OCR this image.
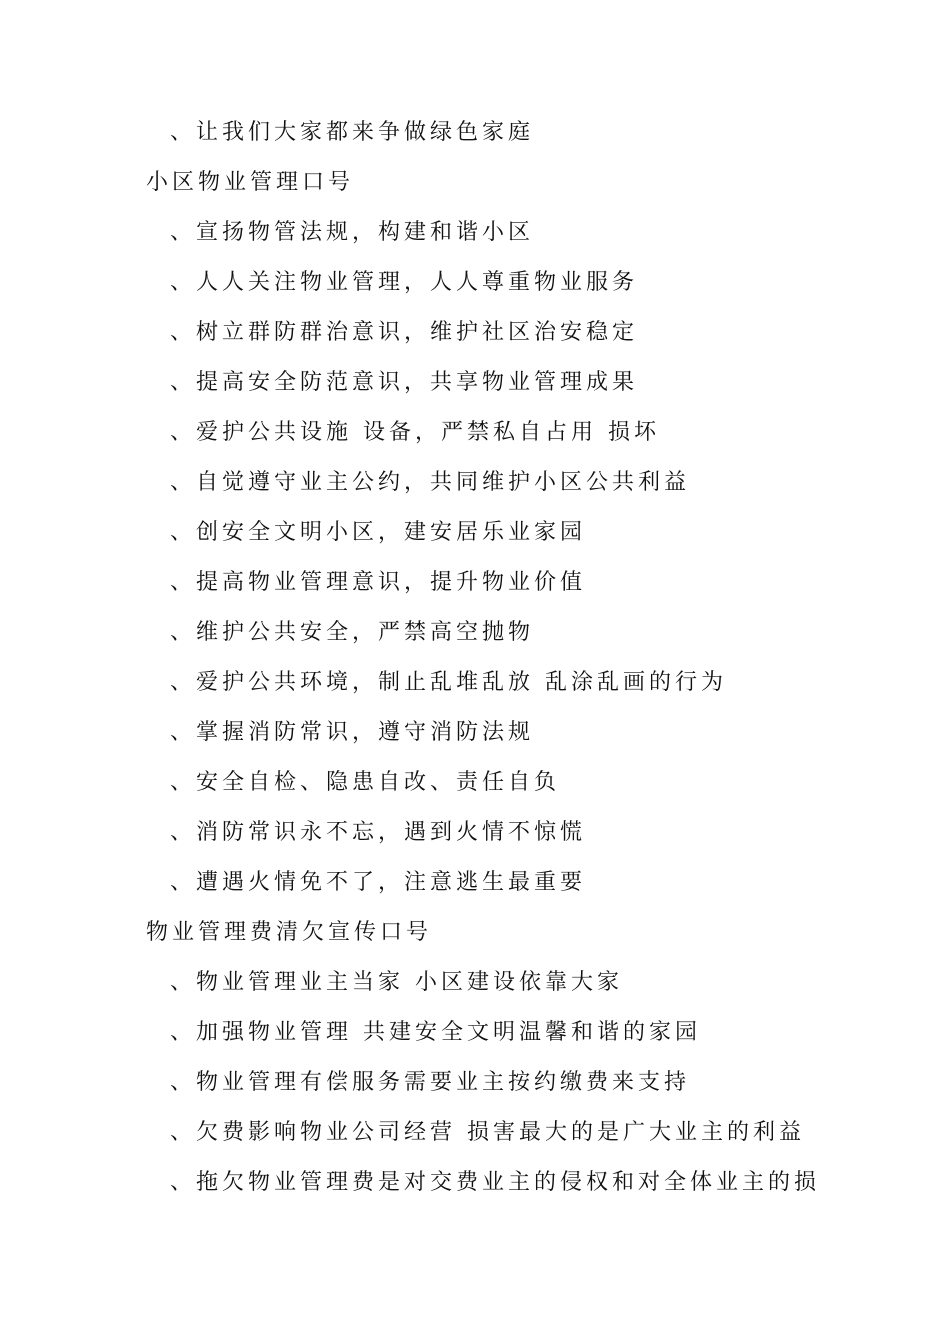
、让我们大家都来争做绿色家庭
小区物业管理口号
、宣扬物管法规，构建和谐小区
、人人关注物业管理，人人尊重物业服务
、树立群防群治意识，维护社区治安稳定
、提高安全防范意识，共享物业管理成果
、爱护公共设施 设备，严禁私自占用 损坏
、自觉遵守业主公约，共同维护小区公共利益
、创安全文明小区，建安居乐业家园
、提高物业管理意识，提升物业价值
、维护公共安全，严禁高空抛物
、爱护公共环境，制止乱堆乱放 乱涂乱画的行为
、掌握消防常识，遵守消防法规
、安全自检、隐患自改、责任自负
、消防常识永不忘，遇到火情不惊慌
、遭遇火情免不了，注意逃生最重要
物业管理费清欠宣传口号
、物业管理业主当家 小区建设依靠大家
、加强物业管理 共建安全文明温馨和谐的家园
、物业管理有偿服务需要业主按约缴费来支持
、欠费影响物业公司经营 损害最大的是广大业主的利益
、拖欠物业管理费是对交费业主的侵权和对全体业主的损
